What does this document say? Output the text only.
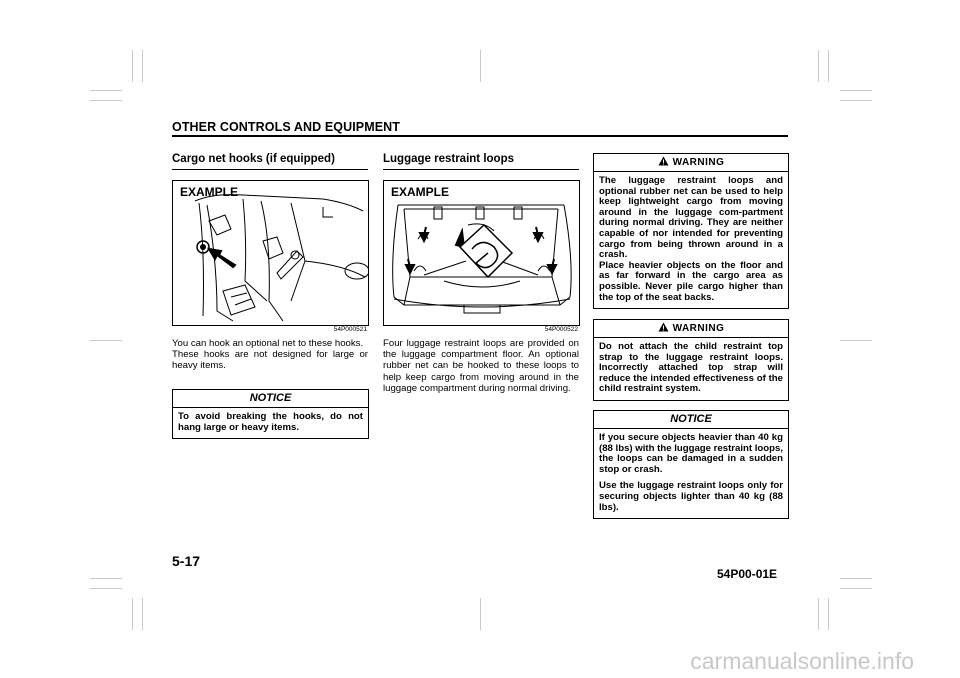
OTHER CONTROLS AND EQUIPMENT
Cargo net hooks (if equipped)
EXAMPLE
54P000521
You can hook an optional net to these hooks.
These hooks are not designed for large or heavy items.
NOTICE
To avoid breaking the hooks, do not hang large or heavy items.
Luggage restraint loops
EXAMPLE
54P000522
Four luggage restraint loops are provided on the luggage compartment floor. An optional rubber net can be hooked to these loops to help keep cargo from moving around in the luggage compartment during normal driving.
WARNING
The luggage restraint loops and optional rubber net can be used to help keep lightweight cargo from moving around in the luggage com-partment during normal driving. They are neither capable of nor intended for preventing cargo from being thrown around in a crash.
Place heavier objects on the floor and as far forward in the cargo area as possible. Never pile cargo higher than the top of the seat backs.
WARNING
Do not attach the child restraint top strap to the luggage restraint loops. Incorrectly attached top strap will reduce the intended effectiveness of the child restraint system.
NOTICE

If you secure objects heavier than 40 kg (88 lbs) with the luggage restraint loops, the loops can be damaged in a sudden stop or crash.

Use the luggage restraint loops only for securing objects lighter than 40 kg (88 lbs).

5-17
54P00-01E
carmanualsonline.info
